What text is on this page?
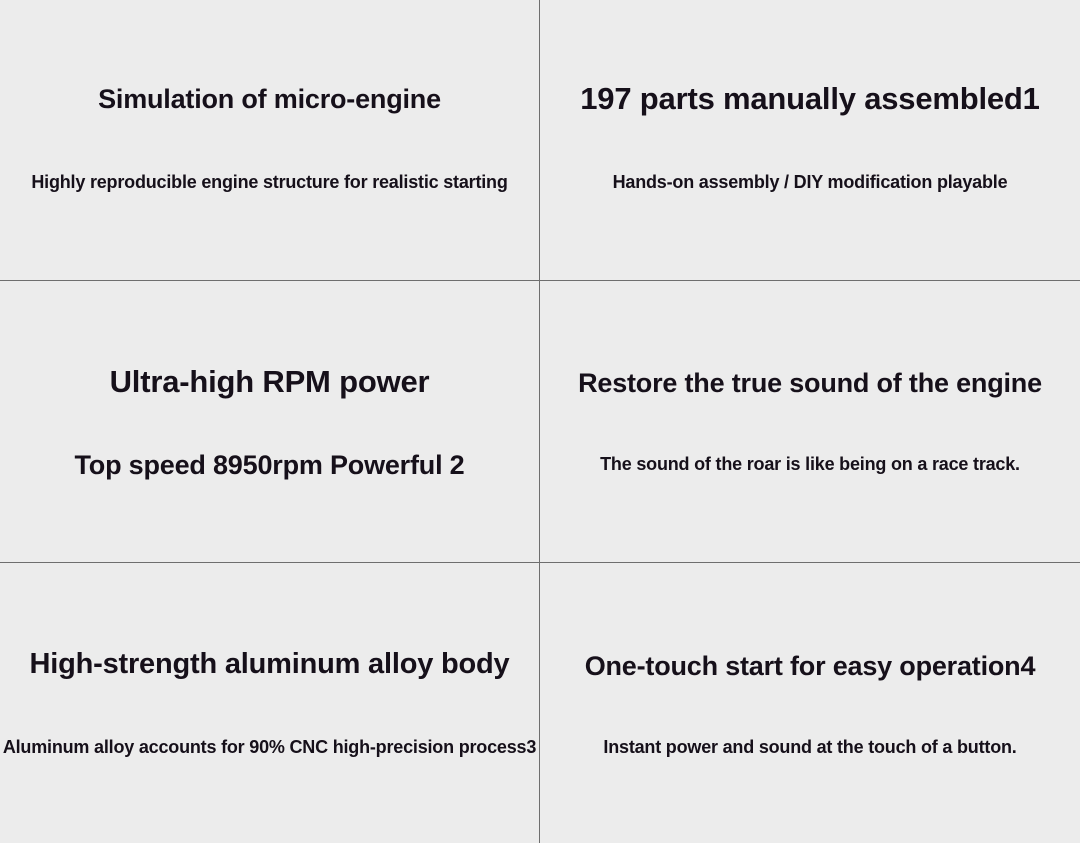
Simulation of micro-engine
Highly reproducible engine structure for realistic starting
197 parts manually assembled1
Hands-on assembly / DIY modification playable
Ultra-high RPM power
Top speed 8950rpm Powerful 2
Restore the true sound of the engine
The sound of the roar is like being on a race track.
High-strength aluminum alloy body
Aluminum alloy accounts for 90% CNC high-precision process3
One-touch start for easy operation4
Instant power and sound at the touch of a button.
